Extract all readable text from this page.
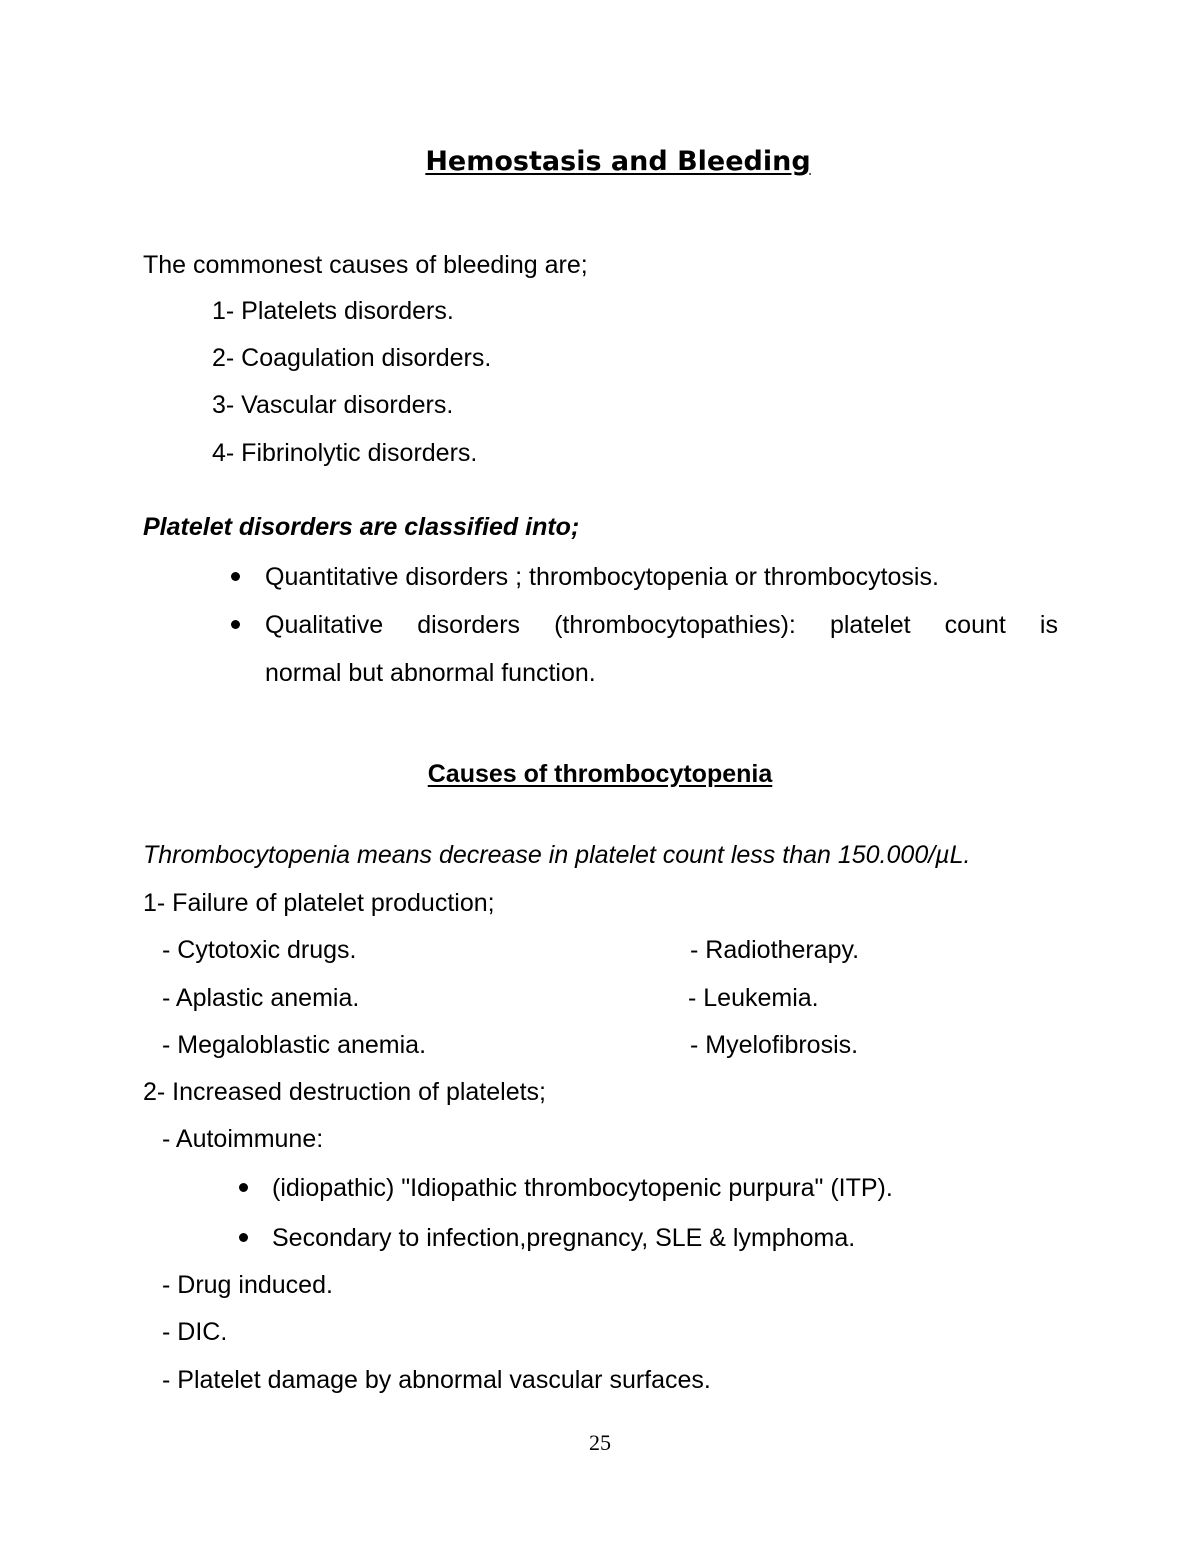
Hemostasis and Bleeding
The commonest causes of bleeding are;
1- Platelets disorders.
2- Coagulation disorders.
3- Vascular disorders.
4- Fibrinolytic disorders.
Platelet disorders are classified into;
Quantitative disorders ; thrombocytopenia or thrombocytosis.
Qualitative disorders (thrombocytopathies): platelet count is
normal but abnormal function.
Causes of thrombocytopenia
Thrombocytopenia means decrease in platelet count less than 150.000/µL.
1- Failure of platelet production;
- Cytotoxic drugs.	- Radiotherapy.
- Aplastic anemia.	- Leukemia.
- Megaloblastic anemia.	- Myelofibrosis.
2- Increased destruction of platelets;
- Autoimmune:
(idiopathic) "Idiopathic thrombocytopenic purpura" (ITP).
Secondary to infection,pregnancy, SLE & lymphoma.
- Drug induced.
- DIC.
- Platelet damage by abnormal vascular surfaces.
25
